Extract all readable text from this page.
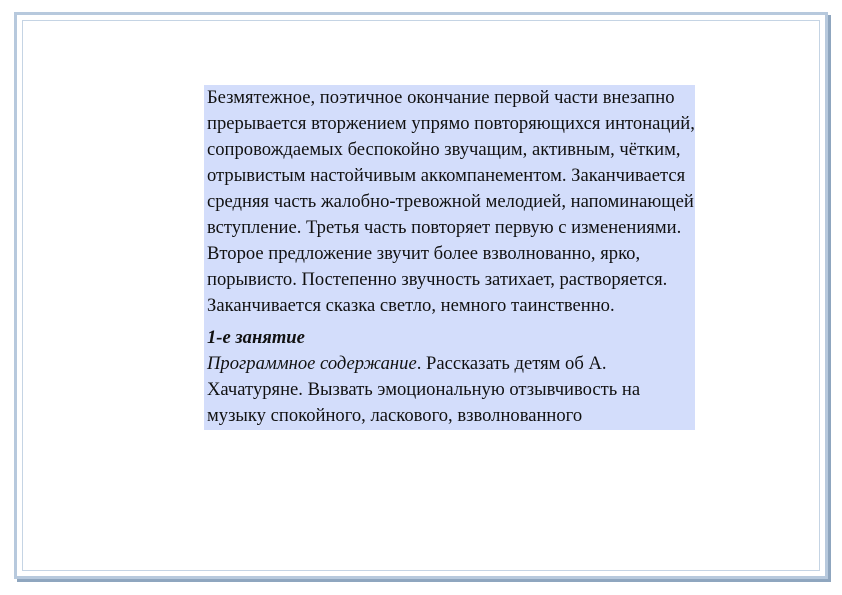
Безмятежное, поэтичное окончание первой части внезапно прерывается вторжением упрямо повторяющихся интонаций, сопровождаемых беспокойно звучащим, активным, чётким, отрывистым настойчивым аккомпанементом. Заканчивается средняя часть жалобно-тревожной мелодией, напоминающей вступление. Третья часть повторяет первую с изменениями. Второе предложение звучит более взволнованно, ярко, порывисто. Постепенно звучность затихает, растворяется. Заканчивается сказка светло, немного таинственно.

1-е занятие

Программное содержание. Рассказать детям об А. Хачатуряне. Вызвать эмоциональную отзывчивость на музыку спокойного, ласкового, взволнованного
